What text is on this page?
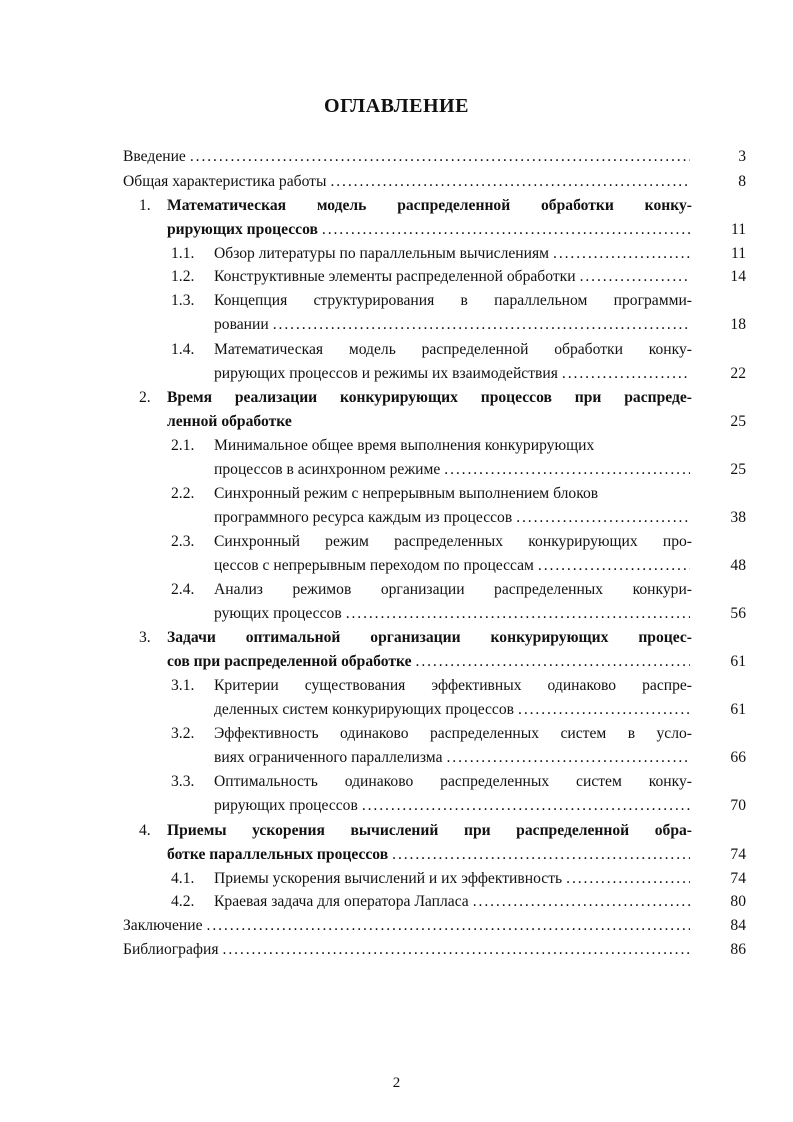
ОГЛАВЛЕНИЕ
Введение . . .	3
Общая характеристика работы . . .	8
1. Математическая модель распределенной обработки конку-
рирующих процессов . . .	11
1.1. Обзор литературы по параллельным вычислениям . . .	11
1.2. Конструктивные элементы распределенной обработки . . .	14
1.3. Концепция структурирования в параллельном программи-
ровании . . .	18
1.4. Математическая модель распределенной обработки конку-
рирующих процессов и режимы их взаимодействия . . .	22
2. Время реализации конкурирующих процессов при распреде-
ленной обработке	25
2.1. Минимальное общее время выполнения конкурирующих
процессов в асинхронном режиме . . .	25
2.2. Синхронный режим с непрерывным выполнением блоков
программного ресурса каждым из процессов . . .	38
2.3. Синхронный режим распределенных конкурирующих про-
цессов с непрерывным переходом по процессам . . .	48
2.4. Анализ режимов организации распределенных конкури-
рующих процессов . . .	56
3. Задачи оптимальной организации конкурирующих процес-
сов при распределенной обработке . . .	61
3.1. Критерии существования эффективных одинаково распре-
деленных систем конкурирующих процессов . . .	61
3.2. Эффективность одинаково распределенных систем в усло-
виях ограниченного параллелизма . . .	66
3.3. Оптимальность одинаково распределенных систем конку-
рирующих процессов . . .	70
4. Приемы ускорения вычислений при распределенной обра-
ботке параллельных процессов . . .	74
4.1. Приемы ускорения вычислений и их эффективность . . .	74
4.2. Краевая задача для оператора Лапласа . . .	80
Заключение . . .	84
Библиография . . .	86
2
